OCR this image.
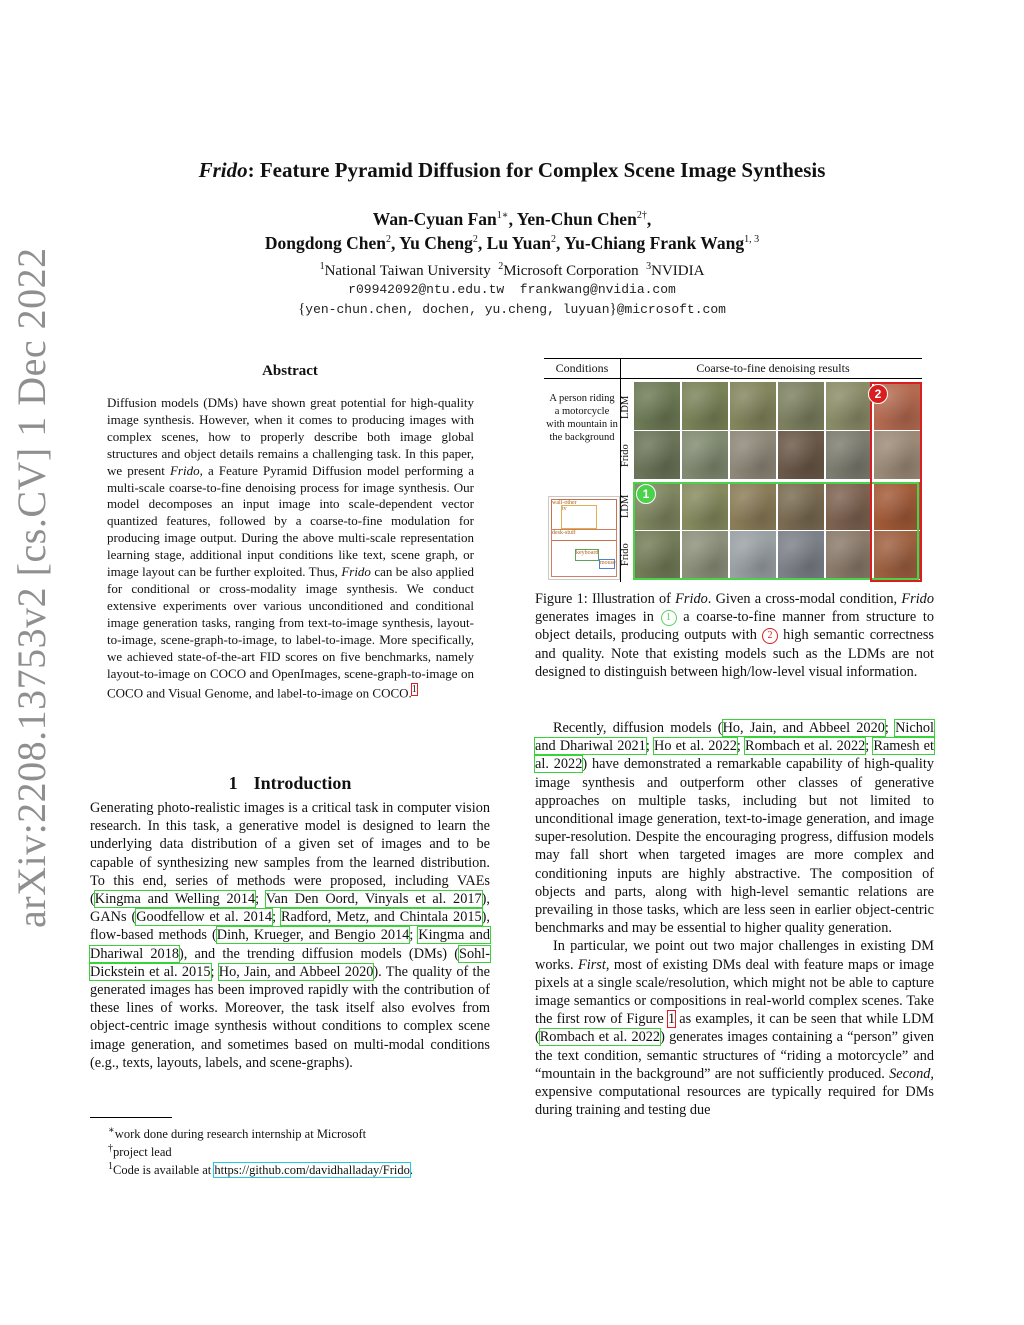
arXiv:2208.13753v2 [cs.CV] 1 Dec 2022
Frido: Feature Pyramid Diffusion for Complex Scene Image Synthesis
Wan-Cyuan Fan$^{1∗}$, Yen-Chun Chen$^{2\dagger}$,
Dongdong Chen$^2$, Yu Cheng$^2$, Lu Yuan$^2$, Yu-Chiang Frank Wang$^{1, 3}$
$^1$National Taiwan University $^2$Microsoft Corporation $^3$NVIDIA
r09942092@ntu.edu.tw  frankwang@nvidia.com
{yen-chun.chen, dochen, yu.cheng, luyuan}@microsoft.com
Abstract
Diffusion models (DMs) have shown great potential for high-quality image synthesis. However, when it comes to producing images with complex scenes, how to properly describe both image global structures and object details remains a challenging task. In this paper, we present Frido, a Feature Pyramid Diffusion model performing a multi-scale coarse-to-fine denoising process for image synthesis. Our model decomposes an input image into scale-dependent vector quantized features, followed by a coarse-to-fine modulation for producing image output. During the above multi-scale representation learning stage, additional input conditions like text, scene graph, or image layout can be further exploited. Thus, Frido can be also applied for conditional or cross-modality image synthesis. We conduct extensive experiments over various unconditioned and conditional image generation tasks, ranging from text-to-image synthesis, layout-to-image, scene-graph-to-image, to label-to-image. More specifically, we achieved state-of-the-art FID scores on five benchmarks, namely layout-to-image on COCO and OpenImages, scene-graph-to-image on COCO and Visual Genome, and label-to-image on COCO.$^1$
1 Introduction
Generating photo-realistic images is a critical task in computer vision research. In this task, a generative model is designed to learn the underlying data distribution of a given set of images and to be capable of synthesizing new samples from the learned distribution. To this end, series of methods were proposed, including VAEs (Kingma and Welling 2014; Van Den Oord, Vinyals et al. 2017), GANs (Goodfellow et al. 2014; Radford, Metz, and Chintala 2015), flow-based methods (Dinh, Krueger, and Bengio 2014; Kingma and Dhariwal 2018), and the trending diffusion models (DMs) (Sohl-Dickstein et al. 2015; Ho, Jain, and Abbeel 2020). The quality of the generated images has been improved rapidly with the contribution of these lines of works. Moreover, the task itself also evolves from object-centric image synthesis without conditions to complex scene image generation, and sometimes based on multi-modal conditions (e.g., texts, layouts, labels, and scene-graphs).
∗work done during research internship at Microsoft
†project lead
$^1$Code is available at https://github.com/davidhalladay/Frido.
Conditions	Coarse-to-fine denoising results
A person riding a motorcycle with mountain in the background
wall-other
tv
desk-stuff
keyboard
mouse
LDM
Frido
LDM
Frido
1
2
Figure 1: Illustration of Frido. Given a cross-modal condition, Frido generates images in 1 a coarse-to-fine manner from structure to object details, producing outputs with 2 high semantic correctness and quality. Note that existing models such as the LDMs are not designed to distinguish between high/low-level visual information.

Recently, diffusion models (Ho, Jain, and Abbeel 2020; Nichol and Dhariwal 2021; Ho et al. 2022; Rombach et al. 2022; Ramesh et al. 2022) have demonstrated a remarkable capability of high-quality image synthesis and outperform other classes of generative approaches on multiple tasks, including but not limited to unconditional image generation, text-to-image generation, and image super-resolution. Despite the encouraging progress, diffusion models may fall short when targeted images are more complex and conditioning inputs are highly abstractive. The composition of objects and parts, along with high-level semantic relations are prevailing in those tasks, which are less seen in earlier object-centric benchmarks and may be essential to higher quality generation.

In particular, we point out two major challenges in existing DM works. First, most of existing DMs deal with feature maps or image pixels at a single scale/resolution, which might not be able to capture image semantics or compositions in real-world complex scenes. Take the first row of Figure 1 as examples, it can be seen that while LDM (Rombach et al. 2022) generates images containing a “person” given the text condition, semantic structures of “riding a motorcycle” and “mountain in the background” are not sufficiently produced. Second, expensive computational resources are typically required for DMs during training and testing due
